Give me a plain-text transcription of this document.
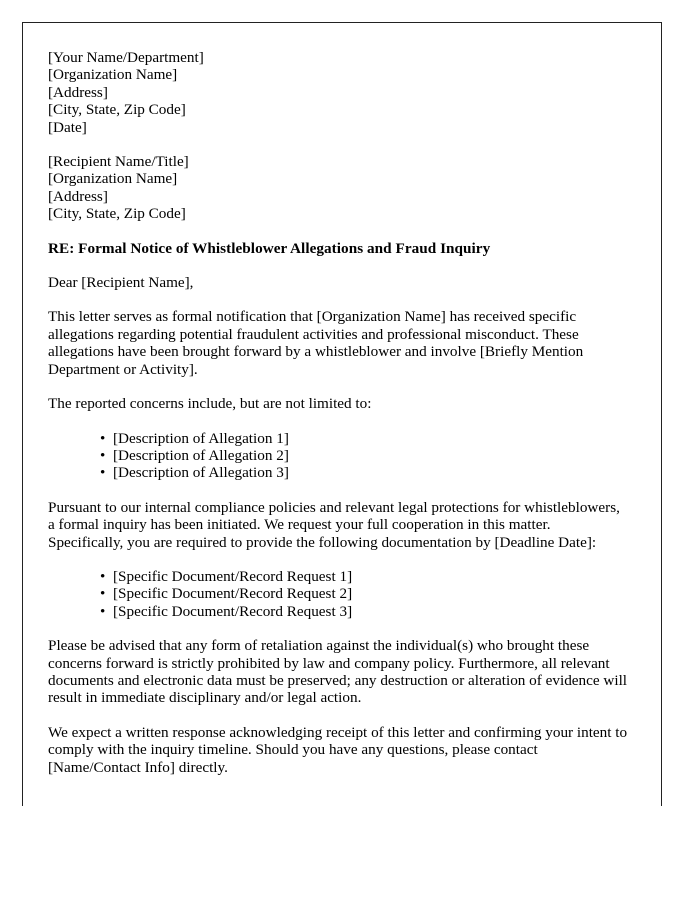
[Your Name/Department]
[Organization Name]
[Address]
[City, State, Zip Code]
[Date]
[Recipient Name/Title]
[Organization Name]
[Address]
[City, State, Zip Code]
RE: Formal Notice of Whistleblower Allegations and Fraud Inquiry
Dear [Recipient Name],

This letter serves as formal notification that [Organization Name] has received specific allegations regarding potential fraudulent activities and professional misconduct. These allegations have been brought forward by a whistleblower and involve [Briefly Mention Department or Activity].

The reported concerns include, but are not limited to:

• [Description of Allegation 1]
• [Description of Allegation 2]
• [Description of Allegation 3]

Pursuant to our internal compliance policies and relevant legal protections for whistleblowers, a formal inquiry has been initiated. We request your full cooperation in this matter. Specifically, you are required to provide the following documentation by [Deadline Date]:

• [Specific Document/Record Request 1]
• [Specific Document/Record Request 2]
• [Specific Document/Record Request 3]

Please be advised that any form of retaliation against the individual(s) who brought these concerns forward is strictly prohibited by law and company policy. Furthermore, all relevant documents and electronic data must be preserved; any destruction or alteration of evidence will result in immediate disciplinary and/or legal action.

We expect a written response acknowledging receipt of this letter and confirming your intent to comply with the inquiry timeline. Should you have any questions, please contact [Name/Contact Info] directly.
